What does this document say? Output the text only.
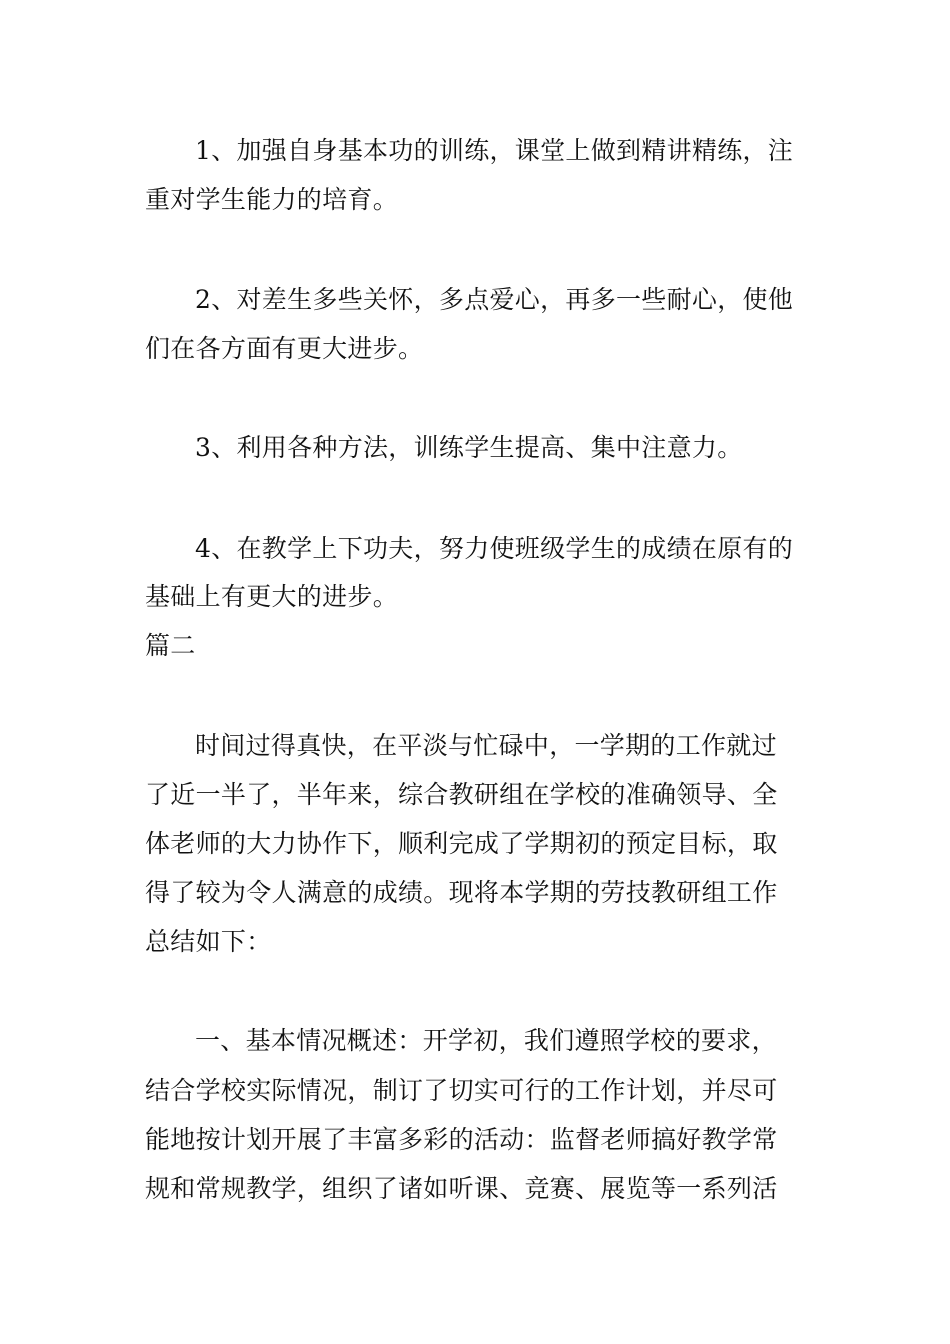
1、加强自身基本功的训练，课堂上做到精讲精练，注
重对学生能力的培育。
2、对差生多些关怀，多点爱心，再多一些耐心，使他
们在各方面有更大进步。
3、利用各种方法，训练学生提高、集中注意力。
4、在教学上下功夫，努力使班级学生的成绩在原有的
基础上有更大的进步。
篇二
时间过得真快，在平淡与忙碌中，一学期的工作就过
了近一半了，半年来，综合教研组在学校的准确领导、全
体老师的大力协作下，顺利完成了学期初的预定目标，取
得了较为令人满意的成绩。现将本学期的劳技教研组工作
总结如下：
一、基本情况概述：开学初，我们遵照学校的要求，
结合学校实际情况，制订了切实可行的工作计划，并尽可
能地按计划开展了丰富多彩的活动：监督老师搞好教学常
规和常规教学，组织了诸如听课、竞赛、展览等一系列活
